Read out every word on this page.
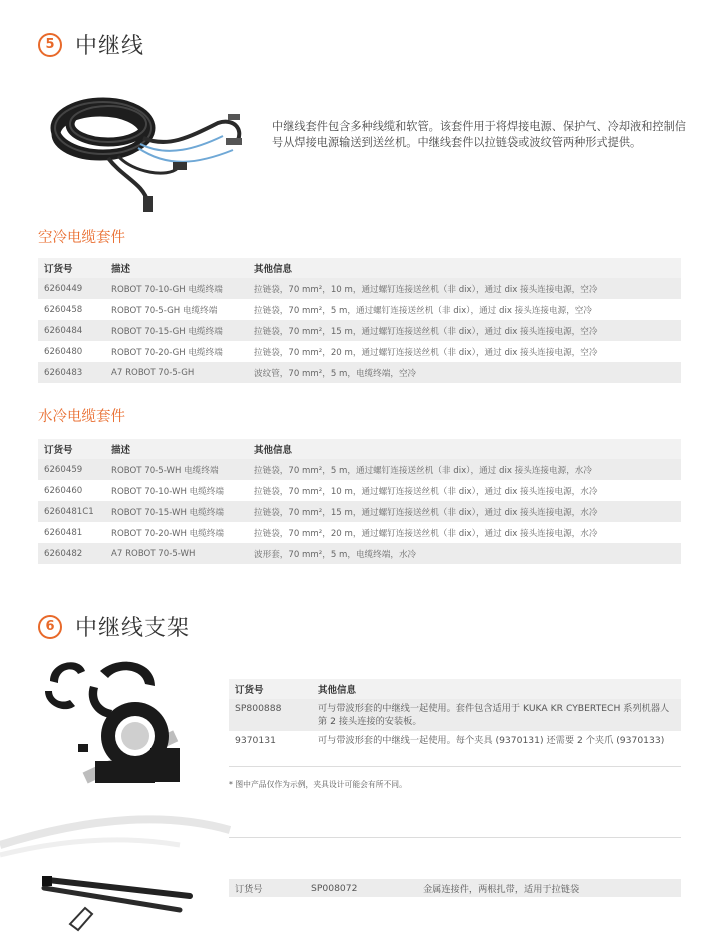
5 中继线
中继线套件包含多种线缆和软管。该套件用于将焊接电源、保护气、冷却液和控制信号从焊接电源输送到送丝机。中继线套件以拉链袋或波纹管两种形式提供。
空冷电缆套件
订货号	描述	其他信息
6260449	ROBOT 70-10-GH 电缆终端	拉链袋，70 mm²，10 m，通过螺钉连接送丝机（非 dix），通过 dix 接头连接电源，空冷
6260458	ROBOT 70-5-GH 电缆终端	拉链袋，70 mm²，5 m，通过螺钉连接送丝机（非 dix），通过 dix 接头连接电源，空冷
6260484	ROBOT 70-15-GH 电缆终端	拉链袋，70 mm²，15 m，通过螺钉连接送丝机（非 dix），通过 dix 接头连接电源，空冷
6260480	ROBOT 70-20-GH 电缆终端	拉链袋，70 mm²，20 m，通过螺钉连接送丝机（非 dix），通过 dix 接头连接电源，空冷
6260483	A7 ROBOT 70-5-GH	波纹管，70 mm²，5 m，电缆终端，空冷
水冷电缆套件
订货号	描述	其他信息
6260459	ROBOT 70-5-WH 电缆终端	拉链袋，70 mm²，5 m，通过螺钉连接送丝机（非 dix），通过 dix 接头连接电源，水冷
6260460	ROBOT 70-10-WH 电缆终端	拉链袋，70 mm²，10 m，通过螺钉连接送丝机（非 dix），通过 dix 接头连接电源，水冷
6260481C1	ROBOT 70-15-WH 电缆终端	拉链袋，70 mm²，15 m，通过螺钉连接送丝机（非 dix），通过 dix 接头连接电源，水冷
6260481	ROBOT 70-20-WH 电缆终端	拉链袋，70 mm²，20 m，通过螺钉连接送丝机（非 dix），通过 dix 接头连接电源，水冷
6260482	A7 ROBOT 70-5-WH	波形套，70 mm²，5 m，电缆终端，水冷
6 中继线支架
订货号	其他信息
SP800888	可与带波形套的中继线一起使用。套件包含适用于 KUKA KR CYBERTECH 系列机器人第 2 接头连接的安装板。
9370131	可与带波形套的中继线一起使用。每个夹具 (9370131) 还需要 2 个夹爪 (9370133)
* 图中产品仅作为示例，夹具设计可能会有所不同。
订货号	SP008072	金属连接件，两根扎带，适用于拉链袋
